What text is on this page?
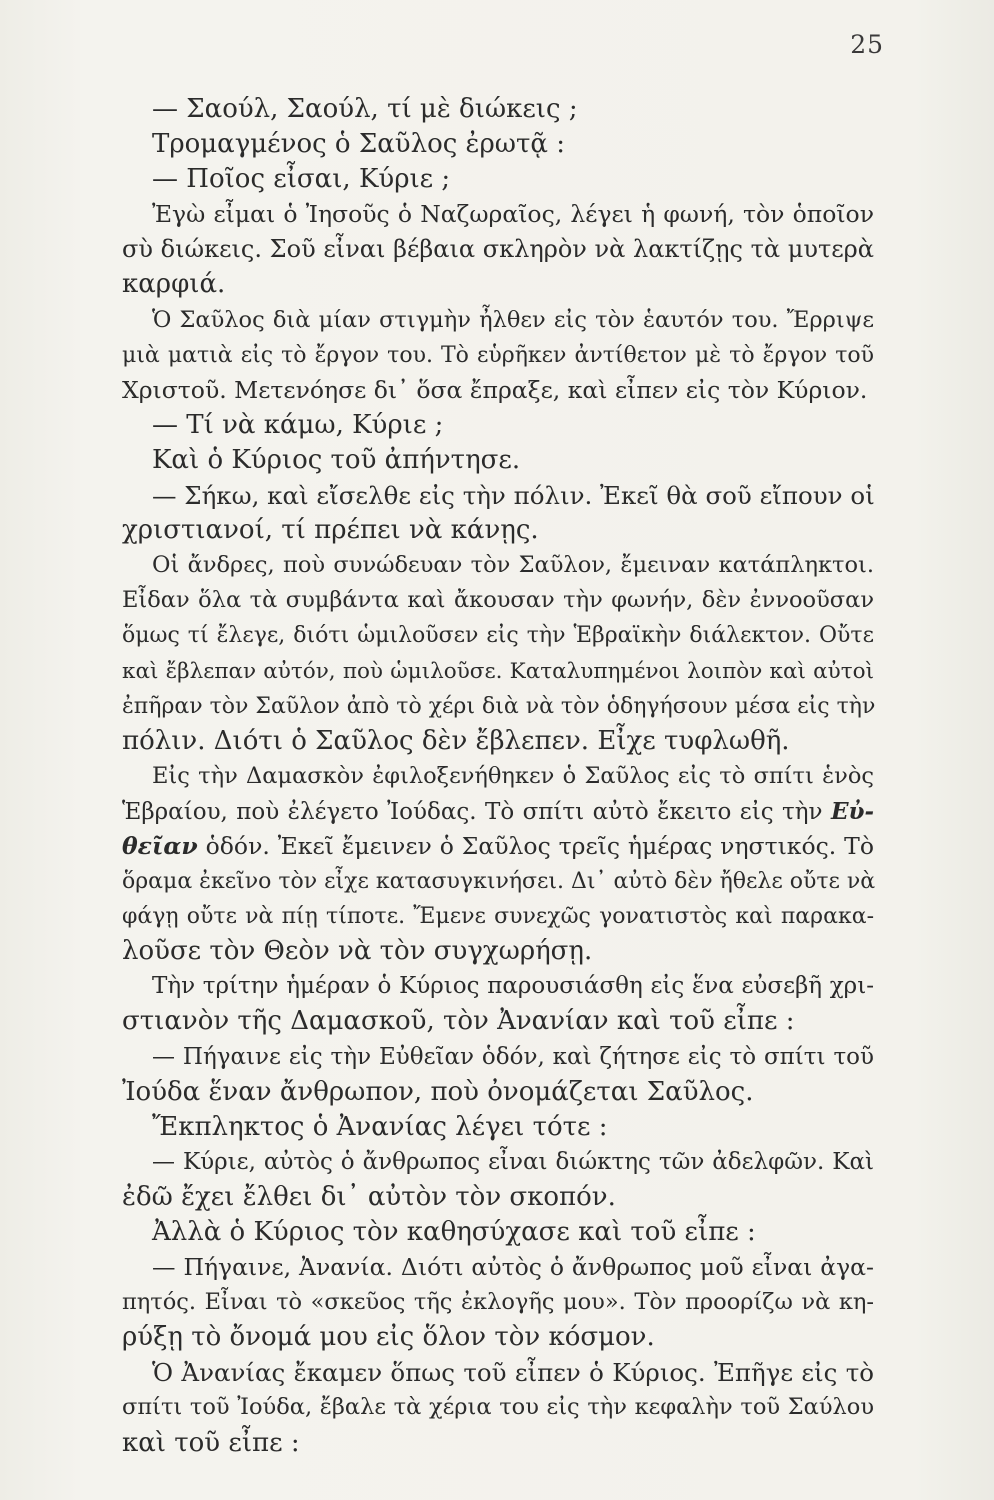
25
— Σαούλ, Σαούλ, τί μὲ διώκεις ;
Τρομαγμένος ὁ Σαῦλος ἐρωτᾷ :
— Ποῖος εἶσαι, Κύριε ;
Ἐγὼ εἶμαι ὁ Ἰησοῦς ὁ Ναζωραῖος, λέγει ἡ φωνή, τὸν ὁποῖον
σὺ διώκεις. Σοῦ εἶναι βέβαια σκληρὸν νὰ λακτίζῃς τὰ μυτερὰ
καρφιά.
Ὁ Σαῦλος διὰ μίαν στιγμὴν ἦλθεν εἰς τὸν ἑαυτόν του. Ἔρριψε
μιὰ ματιὰ εἰς τὸ ἔργον του. Τὸ εὑρῆκεν ἀντίθετον μὲ τὸ ἔργον τοῦ
Χριστοῦ. Μετενόησε δι᾽ ὅσα ἔπραξε, καὶ εἶπεν εἰς τὸν Κύριον.
— Τί νὰ κάμω, Κύριε ;
Καὶ ὁ Κύριος τοῦ ἀπήντησε.
— Σήκω, καὶ εἴσελθε εἰς τὴν πόλιν. Ἐκεῖ θὰ σοῦ εἴπουν οἱ
χριστιανοί, τί πρέπει νὰ κάνῃς.
Οἱ ἄνδρες, ποὺ συνώδευαν τὸν Σαῦλον, ἔμειναν κατάπληκτοι.
Εἶδαν ὅλα τὰ συμβάντα καὶ ἄκουσαν τὴν φωνήν, δὲν ἐννοοῦσαν
ὅμως τί ἔλεγε, διότι ὡμιλοῦσεν εἰς τὴν Ἑβραϊκὴν διάλεκτον. Οὔτε
καὶ ἔβλεπαν αὐτόν, ποὺ ὡμιλοῦσε. Καταλυπημένοι λοιπὸν καὶ αὐτοὶ
ἐπῆραν τὸν Σαῦλον ἀπὸ τὸ χέρι διὰ νὰ τὸν ὁδηγήσουν μέσα εἰς τὴν
πόλιν. Διότι ὁ Σαῦλος δὲν ἔβλεπεν. Εἶχε τυφλωθῆ.
Εἰς τὴν Δαμασκὸν ἐφιλοξενήθηκεν ὁ Σαῦλος εἰς τὸ σπίτι ἑνὸς
Ἑβραίου, ποὺ ἐλέγετο Ἰούδας. Τὸ σπίτι αὐτὸ ἔκειτο εἰς τὴν Εὐ-
θεῖαν ὁδόν. Ἐκεῖ ἔμεινεν ὁ Σαῦλος τρεῖς ἡμέρας νηστικός. Τὸ
ὅραμα ἐκεῖνο τὸν εἶχε κατασυγκινήσει. Δι᾽ αὐτὸ δὲν ἤθελε οὔτε νὰ
φάγῃ οὔτε νὰ πίῃ τίποτε. Ἔμενε συνεχῶς γονατιστὸς καὶ παρακα-
λοῦσε τὸν Θεὸν νὰ τὸν συγχωρήσῃ.
Τὴν τρίτην ἡμέραν ὁ Κύριος παρουσιάσθη εἰς ἕνα εὐσεβῆ χρι-
στιανὸν τῆς Δαμασκοῦ, τὸν Ἀνανίαν καὶ τοῦ εἶπε :
— Πήγαινε εἰς τὴν Εὐθεῖαν ὁδόν, καὶ ζήτησε εἰς τὸ σπίτι τοῦ
Ἰούδα ἕναν ἄνθρωπον, ποὺ ὀνομάζεται Σαῦλος.
Ἔκπληκτος ὁ Ἀνανίας λέγει τότε :
— Κύριε, αὐτὸς ὁ ἄνθρωπος εἶναι διώκτης τῶν ἀδελφῶν. Καὶ
ἐδῶ ἔχει ἔλθει δι᾽ αὐτὸν τὸν σκοπόν.
Ἀλλὰ ὁ Κύριος τὸν καθησύχασε καὶ τοῦ εἶπε :
— Πήγαινε, Ἀνανία. Διότι αὐτὸς ὁ ἄνθρωπος μοῦ εἶναι ἀγα-
πητός. Εἶναι τὸ «σκεῦος τῆς ἐκλογῆς μου». Τὸν προορίζω νὰ κη-
ρύξῃ τὸ ὄνομά μου εἰς ὅλον τὸν κόσμον.
Ὁ Ἀνανίας ἔκαμεν ὅπως τοῦ εἶπεν ὁ Κύριος. Ἐπῆγε εἰς τὸ
σπίτι τοῦ Ἰούδα, ἔβαλε τὰ χέρια του εἰς τὴν κεφαλὴν τοῦ Σαύλου
καὶ τοῦ εἶπε :
